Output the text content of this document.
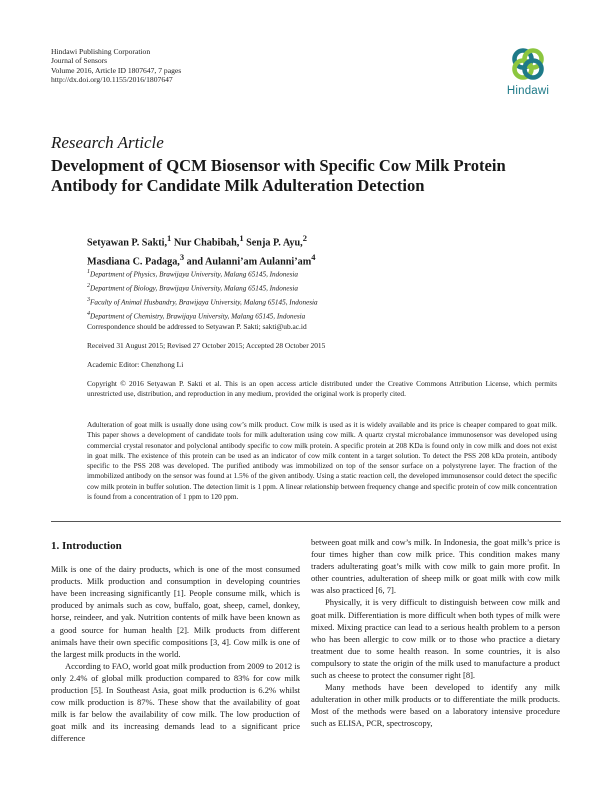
Hindawi Publishing Corporation
Journal of Sensors
Volume 2016, Article ID 1807647, 7 pages
http://dx.doi.org/10.1155/2016/1807647
Hindawi
Research Article
Development of QCM Biosensor with Specific Cow Milk Protein Antibody for Candidate Milk Adulteration Detection
Setyawan P. Sakti,$^1$ Nur Chabibah,$^1$ Senja P. Ayu,$^2$
Masdiana C. Padaga,$^3$ and Aulanni’am $Aulanni’am^4$
$^1$Department of Physics, Brawijaya University, Malang 65145, Indonesia
$^2$Department of Biology, Brawijaya University, Malang 65145, Indonesia
$^3$Faculty of Animal Husbandry, Brawijaya University, Malang 65145, Indonesia
$^4$Department of Chemistry, Brawijaya University, Malang 65145, Indonesia
Correspondence should be addressed to Setyawan P. Sakti; sakti@ub.ac.id
Received 31 August 2015; Revised 27 October 2015; Accepted 28 October 2015
Academic Editor: Chenzhong Li
Copyright © 2016 Setyawan P. Sakti et al. This is an open access article distributed under the Creative Commons Attribution License, which permits unrestricted use, distribution, and reproduction in any medium, provided the original work is properly cited.
Adulteration of goat milk is usually done using cow’s milk product. Cow milk is used as it is widely available and its price is cheaper compared to goat milk. This paper shows a development of candidate tools for milk adulteration using cow milk. A quartz crystal microbalance immunosensor was developed using commercial crystal resonator and polyclonal antibody specific to cow milk protein. A specific protein at 208 KDa is found only in cow milk and does not exist in goat milk. The existence of this protein can be used as an indicator of cow milk content in a target solution. To detect the PSS 208 kDa protein, antibody specific to the PSS 208 was developed. The purified antibody was immobilized on top of the sensor surface on a polystyrene layer. The fraction of the immobilized antibody on the sensor was found at 1.5% of the given antibody. Using a static reaction cell, the developed immunosensor could detect the specific cow milk protein in buffer solution. The detection limit is 1 ppm. A linear relationship between frequency change and specific protein of cow milk concentration is found from a concentration of 1 ppm to 120 ppm.
1. Introduction

Milk is one of the dairy products, which is one of the most consumed products. Milk production and consumption in developing countries have been increasing significantly [1]. People consume milk, which is produced by animals such as cow, buffalo, goat, sheep, camel, donkey, horse, reindeer, and yak. Nutrition contents of milk have been known as a good source for human health [2]. Milk products from different animals have their own specific compositions [3, 4]. Cow milk is one of the largest milk products in the world.

According to FAO, world goat milk production from 2009 to 2012 is only 2.4% of global milk production compared to 83% for cow milk production [5]. In Southeast Asia, goat milk production is 6.2% whilst cow milk production is 87%. These show that the availability of goat milk is far below the availability of cow milk. The low production of goat milk and its increasing demands lead to a significant price difference

between goat milk and cow’s milk. In Indonesia, the goat milk’s price is four times higher than cow milk price. This condition makes many traders adulterating goat’s milk with cow milk to gain more profit. In other countries, adulteration of sheep milk or goat milk with cow milk was also practiced [6, 7].

Physically, it is very difficult to distinguish between cow milk and goat milk. Differentiation is more difficult when both types of milk were mixed. Mixing practice can lead to a serious health problem to a person who has been allergic to cow milk or to those who practice a dietary treatment due to some health reason. In some countries, it is also compulsory to state the origin of the milk used to manufacture a product such as cheese to protect the consumer right [8].

Many methods have been developed to identify any milk adulteration in other milk products or to differentiate the milk products. Most of the methods were based on a laboratory intensive procedure such as ELISA, PCR, spectroscopy,
